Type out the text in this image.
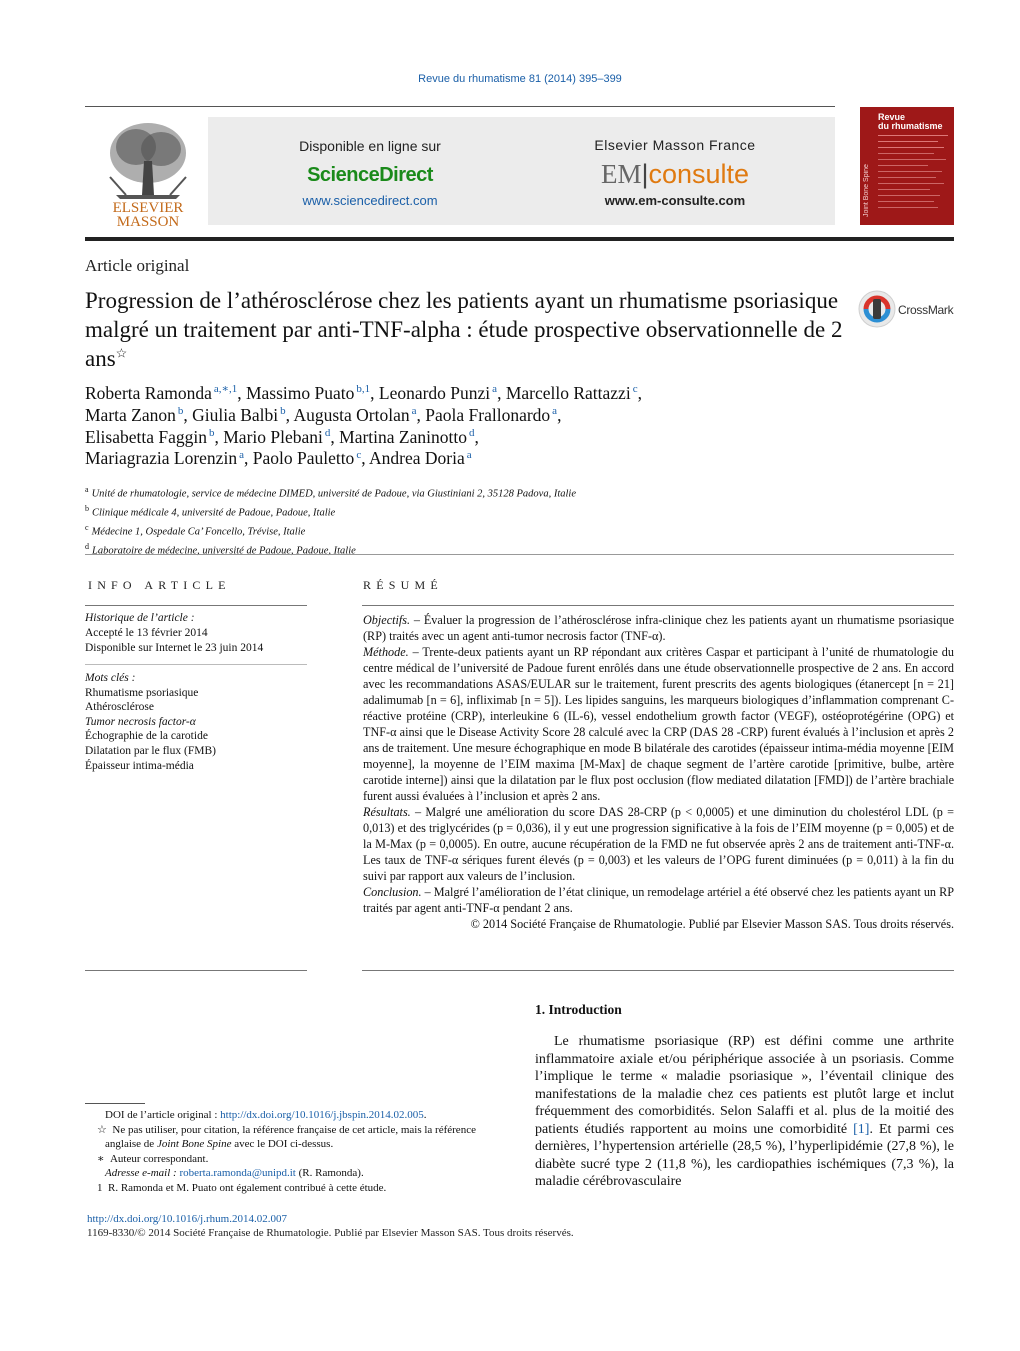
Revue du rhumatisme 81 (2014) 395–399
ELSEVIER
MASSON
Disponible en ligne sur
ScienceDirect
www.sciencedirect.com
Elsevier Masson France
EM|consulte
www.em-consulte.com
Revue
du rhumatisme
Joint Bone Spine
Article original
Progression de l’athérosclérose chez les patients ayant un rhumatisme psoriasique malgré un traitement par anti-TNF-alpha : étude prospective observationnelle de 2 ans☆
CrossMark
Roberta Ramonda $^{a,∗,1}$, Massimo Puato $^{b,1}$, Leonardo Punzi $^a$, Marcello Rattazzi $^c$,
Marta Zanon $^b$, Giulia Balbi $^b$, Augusta Ortolan $^a$, Paola Frallonardo $^a$,
Elisabetta Faggin $^b$, Mario Plebani $^d$, Martina Zaninotto $^d$,
Mariagrazia Lorenzin $^a$, Paolo Pauletto $^c$, Andrea Doria $^a$
$^a$ Unité de rhumatologie, service de médecine DIMED, université de Padoue, via Giustiniani 2, 35128 Padova, Italie
$^b$ Clinique médicale 4, université de Padoue, Padoue, Italie
$^c$ Médecine 1, Ospedale Ca’ Foncello, Trévise, Italie
$^d$ Laboratoire de médecine, université de Padoue, Padoue, Italie
INFO ARTICLE
Historique de l’article :
Accepté le 13 février 2014
Disponible sur Internet le 23 juin 2014
Mots clés :
Rhumatisme psoriasique
Athérosclérose
Tumor necrosis factor-α
Échographie de la carotide
Dilatation par le flux (FMB)
Épaisseur intima-média
RÉSUMÉ

Objectifs. – Évaluer la progression de l’athérosclérose infra-clinique chez les patients ayant un rhumatisme psoriasique (RP) traités avec un agent anti-tumor necrosis factor (TNF-α).

Méthode. – Trente-deux patients ayant un RP répondant aux critères Caspar et participant à l’unité de rhumatologie du centre médical de l’université de Padoue furent enrôlés dans une étude observationnelle prospective de 2 ans. En accord avec les recommandations ASAS/EULAR sur le traitement, furent prescrits des agents biologiques (étanercept [n = 21] adalimumab [n = 6], infliximab [n = 5]). Les lipides sanguins, les marqueurs biologiques d’inflammation comprenant C-réactive protéine (CRP), interleukine 6 (IL-6), vessel endothelium growth factor (VEGF), ostéoprotégérine (OPG) et TNF-α ainsi que le Disease Activity Score 28 calculé avec la CRP (DAS 28 -CRP) furent évalués à l’inclusion et après 2 ans de traitement. Une mesure échographique en mode B bilatérale des carotides (épaisseur intima-média moyenne [EIM moyenne], la moyenne de l’EIM maxima [M-Max] de chaque segment de l’artère carotide [primitive, bulbe, artère carotide interne]) ainsi que la dilatation par le flux post occlusion (flow mediated dilatation [FMD]) de l’artère brachiale furent aussi évaluées à l’inclusion et après 2 ans.

Résultats. – Malgré une amélioration du score DAS 28-CRP (p < 0,0005) et une diminution du cholestérol LDL (p = 0,013) et des triglycérides (p = 0,036), il y eut une progression significative à la fois de l’EIM moyenne (p = 0,005) et de la M-Max (p = 0,0005). En outre, aucune récupération de la FMD ne fut observée après 2 ans de traitement anti-TNF-α. Les taux de TNF-α sériques furent élevés (p = 0,003) et les valeurs de l’OPG furent diminuées (p = 0,011) à la fin du suivi par rapport aux valeurs de l’inclusion.

Conclusion. – Malgré l’amélioration de l’état clinique, un remodelage artériel a été observé chez les patients ayant un RP traités par agent anti-TNF-α pendant 2 ans.

© 2014 Société Française de Rhumatologie. Publié par Elsevier Masson SAS. Tous droits réservés.

1. Introduction

Le rhumatisme psoriasique (RP) est défini comme une arthrite inflammatoire axiale et/ou périphérique associée à un psoriasis. Comme l’implique le terme « maladie psoriasique », l’éventail clinique des manifestations de la maladie chez ces patients est plutôt large et inclut fréquemment des comorbidités. Selon Salaffi et al. plus de la moitié des patients étudiés rapportent au moins une comorbidité [1]. Et parmi ces dernières, l’hypertension artérielle (28,5 %), l’hyperlipidémie (27,8 %), le diabète sucré type 2 (11,8 %), les cardiopathies ischémiques (7,3 %), la maladie cérébrovasculaire

DOI de l’article original : http://dx.doi.org/10.1016/j.jbspin.2014.02.005.
☆ Ne pas utiliser, pour citation, la référence française de cet article, mais la référence anglaise de Joint Bone Spine avec le DOI ci-dessus.
∗ Auteur correspondant.
Adresse e-mail : roberta.ramonda@unipd.it (R. Ramonda).
1 R. Ramonda et M. Puato ont également contribué à cette étude.
http://dx.doi.org/10.1016/j.rhum.2014.02.007
1169-8330/© 2014 Société Française de Rhumatologie. Publié par Elsevier Masson SAS. Tous droits réservés.
